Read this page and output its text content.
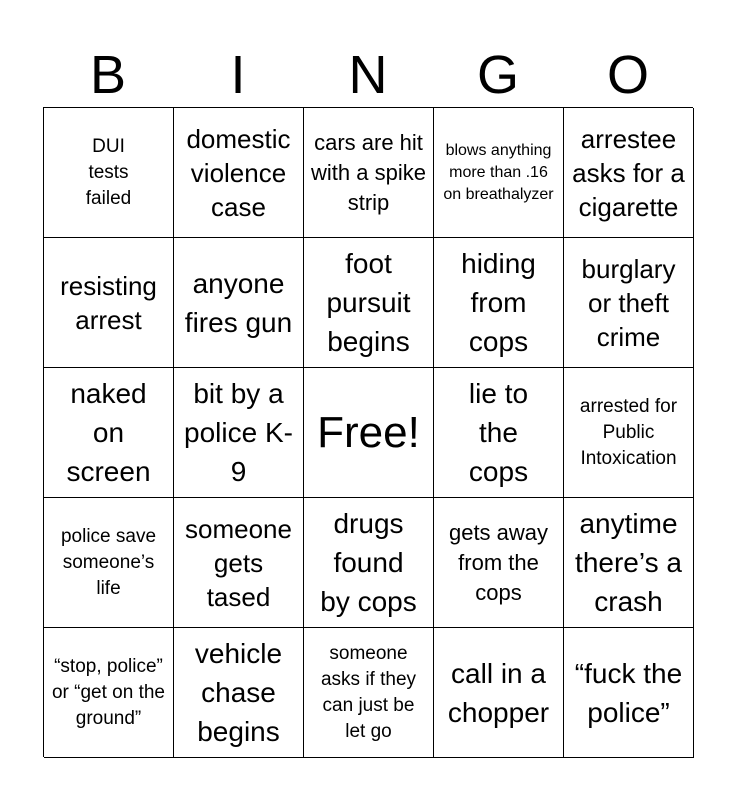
B	I	N	G	O
DUI tests failed
domestic violence case
cars are hit with a spike strip
blows anything more than .16 on breathalyzer
arrestee asks for a cigarette
resisting arrest
anyone fires gun
foot pursuit begins
hiding from cops
burglary or theft crime
naked on screen
bit by a police K-9
Free!
lie to the cops
arrested for Public Intoxication
police save someone’s life
someone gets tased
drugs found by cops
gets away from the cops
anytime there’s a crash
“stop, police” or “get on the ground”
vehicle chase begins
someone asks if they can just be let go
call in a chopper
“fuck the police”
